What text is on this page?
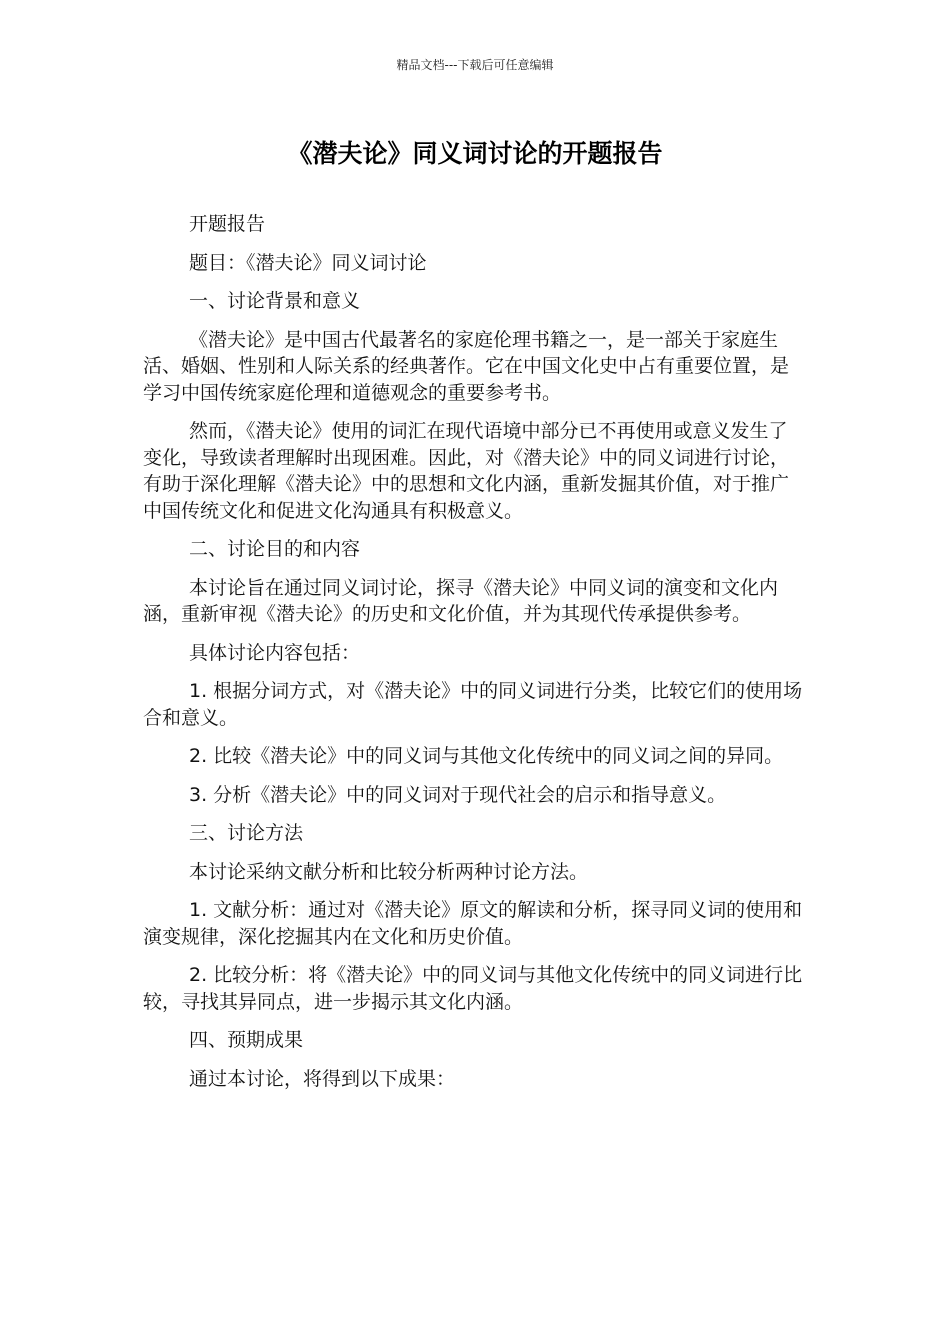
精品文档---下载后可任意编辑
《潜夫论》同义词讨论的开题报告

开题报告

题目：《潜夫论》同义词讨论

一、讨论背景和意义

《潜夫论》是中国古代最著名的家庭伦理书籍之一，是一部关于家庭生活、婚姻、性别和人际关系的经典著作。它在中国文化史中占有重要位置，是学习中国传统家庭伦理和道德观念的重要参考书。

然而，《潜夫论》使用的词汇在现代语境中部分已不再使用或意义发生了变化，导致读者理解时出现困难。因此，对《潜夫论》中的同义词进行讨论，有助于深化理解《潜夫论》中的思想和文化内涵，重新发掘其价值，对于推广中国传统文化和促进文化沟通具有积极意义。

二、讨论目的和内容

本讨论旨在通过同义词讨论，探寻《潜夫论》中同义词的演变和文化内涵，重新审视《潜夫论》的历史和文化价值，并为其现代传承提供参考。

具体讨论内容包括：

1. 根据分词方式，对《潜夫论》中的同义词进行分类，比较它们的使用场合和意义。

2. 比较《潜夫论》中的同义词与其他文化传统中的同义词之间的异同。

3. 分析《潜夫论》中的同义词对于现代社会的启示和指导意义。

三、讨论方法

本讨论采纳文献分析和比较分析两种讨论方法。

1. 文献分析：通过对《潜夫论》原文的解读和分析，探寻同义词的使用和演变规律，深化挖掘其内在文化和历史价值。

2. 比较分析：将《潜夫论》中的同义词与其他文化传统中的同义词进行比较，寻找其异同点，进一步揭示其文化内涵。

四、预期成果

通过本讨论，将得到以下成果：
